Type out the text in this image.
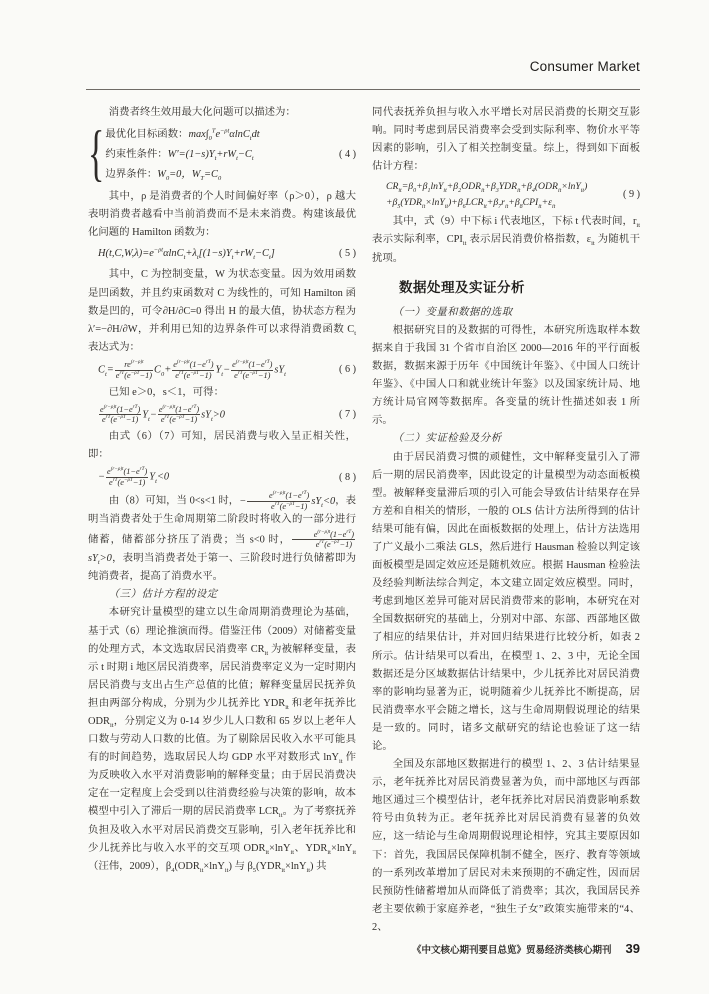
Consumer Market

消费者终生效用最大化问题可以描述为：

{ 最优化目标函数：$\max\int_0^Te^{-\rho t}\alpha\ln C_tdt$
约束性条件：$W'=(1-s)Y_t+rW_t-C_t$
边界条件：$W_0=0$，$W_T=C_0$
( 4 )

其中，ρ 是消费者的个人时间偏好率（ρ＞0），ρ 越大表明消费者越看中当前消费而不是未来消费。构建该最优化问题的 Hamilton 函数为：

$H(t,C,W,\lambda)=e^{-\rho t}\alpha\ln C_t+\lambda_t[(1-s)Y_t+rW_t-C_t]$	( 5 )

其中，C 为控制变量，W 为状态变量。因为效用函数是凹函数，并且约束函数对 C 为线性的，可知 Hamilton 函数是凹的，可令∂H/∂C=0 得出 H 的最大值，协状态方程为 λ′=−∂H/∂W，并利用已知的边界条件可以求得消费函数 $C_t$ 表达式为：

$C_t= \frac{re^{(r-\rho)t}}{e^{rT}(e^{-\rho T}-1)} C_0+ \frac{e^{(r-\rho)t}(1-e^{rT})}{e^{rT}(e^{-\rho T}-1)} Y_t- \frac{e^{(r-\rho)t}(1-e^{rT})}{e^{rT}(e^{-\rho T}-1)} sY_t$	( 6 )

已知 e＞0，s＜1，可得：

$\frac{e^{(r-\rho)t}(1-e^{rT})}{e^{rT}(e^{-\rho T}-1)} Y_t- \frac{e^{(r-\rho)t}(1-e^{rT})}{e^{rT}(e^{-\rho T}-1)} sY_t>0$	( 7 )

由式（6）（7）可知，居民消费与收入呈正相关性，即：

− $\frac{e^{(r-\rho)t}(1-e^{rT})}{e^{rT}(e^{-\rho T}-1)} Y_t<0$	( 8 )

由（8）可知，当 0<s<1 时，− $\frac{e^{(r-\rho)t}(1-e^{rT})}{e^{rT}(e^{-\rho T}-1)} sY_t<0$，表明当消费者处于生命周期第二阶段时将收入的一部分进行储蓄，储蓄部分挤压了消费；当 s<0 时， $\frac{e^{(r-\rho)t}(1-e^{rT})}{e^{rT}(e^{-\rho T}-1)}$
$sY_t>0$，表明当消费者处于第一、三阶段时进行负储蓄即为纯消费者，提高了消费水平。

（三）估计方程的设定

本研究计量模型的建立以生命周期消费理论为基础，基于式（6）理论推演而得。借鉴汪伟（2009）对储蓄变量的处理方式，本文选取居民消费率 $CR_{it}$ 为被解释变量，表示 t 时期 i 地区居民消费率，居民消费率定义为一定时期内居民消费与支出占生产总值的比值；解释变量居民抚养负担由两部分构成，分别为少儿抚养比 $YDR_{it}$ 和老年抚养比 $ODR_{it}$，分别定义为 0-14 岁少儿人口数和 65 岁以上老年人口数与劳动人口数的比值。为了剔除居民收入水平可能具有的时间趋势，选取居民人均 GDP 水平对数形式 lnY$_{it}$ 作为反映收入水平对消费影响的解释变量；由于居民消费决定在一定程度上会受到以往消费经验与决策的影响，故本模型中引入了滞后一期的居民消费率 $LCR_{it}$。为了考察抚养负担及收入水平对居民消费交互影响，引入老年抚养比和少儿抚养比与收入水平的交互项 $ODR_{it}\times\ln Y_{it}$、$YDR_{it}\times\ln Y_{it}$（汪伟，2009），$\beta_4(ODR_{it}\times\ln Y_{it})$ 与 $\beta_5(YDR_{it}\times\ln Y_{it})$ 共

同代表抚养负担与收入水平增长对居民消费的长期交互影响。同时考虑到居民消费率会受到实际利率、物价水平等因素的影响，引入了相关控制变量。综上，得到如下面板估计方程：

$CR_{it}=\beta_0+\beta_1\ln Y_{it}+\beta_2ODR_{it}+\beta_3YDR_{it}+\beta_4(ODR_{it}\times\ln Y_{it})$
$+\beta_5(YDR_{it}\times\ln Y_{it})+\beta_6LCR_{it}+\beta_7r_{it}+\beta_8CPI_{it}+\varepsilon_{it}$
( 9 )

其中，式（9）中下标 i 代表地区，下标 t 代表时间，$r_{it}$ 表示实际利率，$CPI_{it}$ 表示居民消费价格指数，$\varepsilon_{it}$ 为随机干扰项。

数据处理及实证分析

（一）变量和数据的选取

根据研究目的及数据的可得性，本研究所选取样本数据来自于我国 31 个省市自治区 2000—2016 年的平行面板数据，数据来源于历年《中国统计年鉴》、《中国人口统计年鉴》、《中国人口和就业统计年鉴》以及国家统计局、地方统计局官网等数据库。各变量的统计性描述如表 1 所示。

（二）实证检验及分析

由于居民消费习惯的顽健性，文中解释变量引入了滞后一期的居民消费率，因此设定的计量模型为动态面板模型。被解释变量滞后项的引入可能会导致估计结果存在异方差和自相关的情形，一般的 OLS 估计方法所得到的估计结果可能有偏，因此在面板数据的处理上，估计方法选用了广义最小二乘法 GLS，然后进行 Hausman 检验以判定该面板模型是固定效应还是随机效应。根据 Hausman 检验法及经验判断法综合判定，本文建立固定效应模型。同时，考虑到地区差异可能对居民消费带来的影响，本研究在对全国数据研究的基础上，分别对中部、东部、西部地区做了相应的结果估计，并对回归结果进行比较分析，如表 2 所示。估计结果可以看出，在模型 1、2、3 中，无论全国数据还是分区域数据估计结果中，少儿抚养比对居民消费率的影响均显著为正，说明随着少儿抚养比不断提高，居民消费率水平会随之增长，这与生命周期假说理论的结果是一致的。同时，诸多文献研究的结论也验证了这一结论。

全国及东部地区数据进行的模型 1、2、3 估计结果显示，老年抚养比对居民消费显著为负，而中部地区与西部地区通过三个模型估计，老年抚养比对居民消费影响系数符号由负转为正。老年抚养比对居民消费有显著的负效应，这一结论与生命周期假说理论相悖，究其主要原因如下：首先，我国居民保障机制不健全，医疗、教育等领域的一系列改革增加了居民对未来预期的不确定性，因而居民预防性储蓄增加从而降低了消费率；其次，我国居民养老主要依赖于家庭养老，“独生子女”政策实施带来的“4、2、

《中文核心期刊要目总览》贸易经济类核心期刊 39
